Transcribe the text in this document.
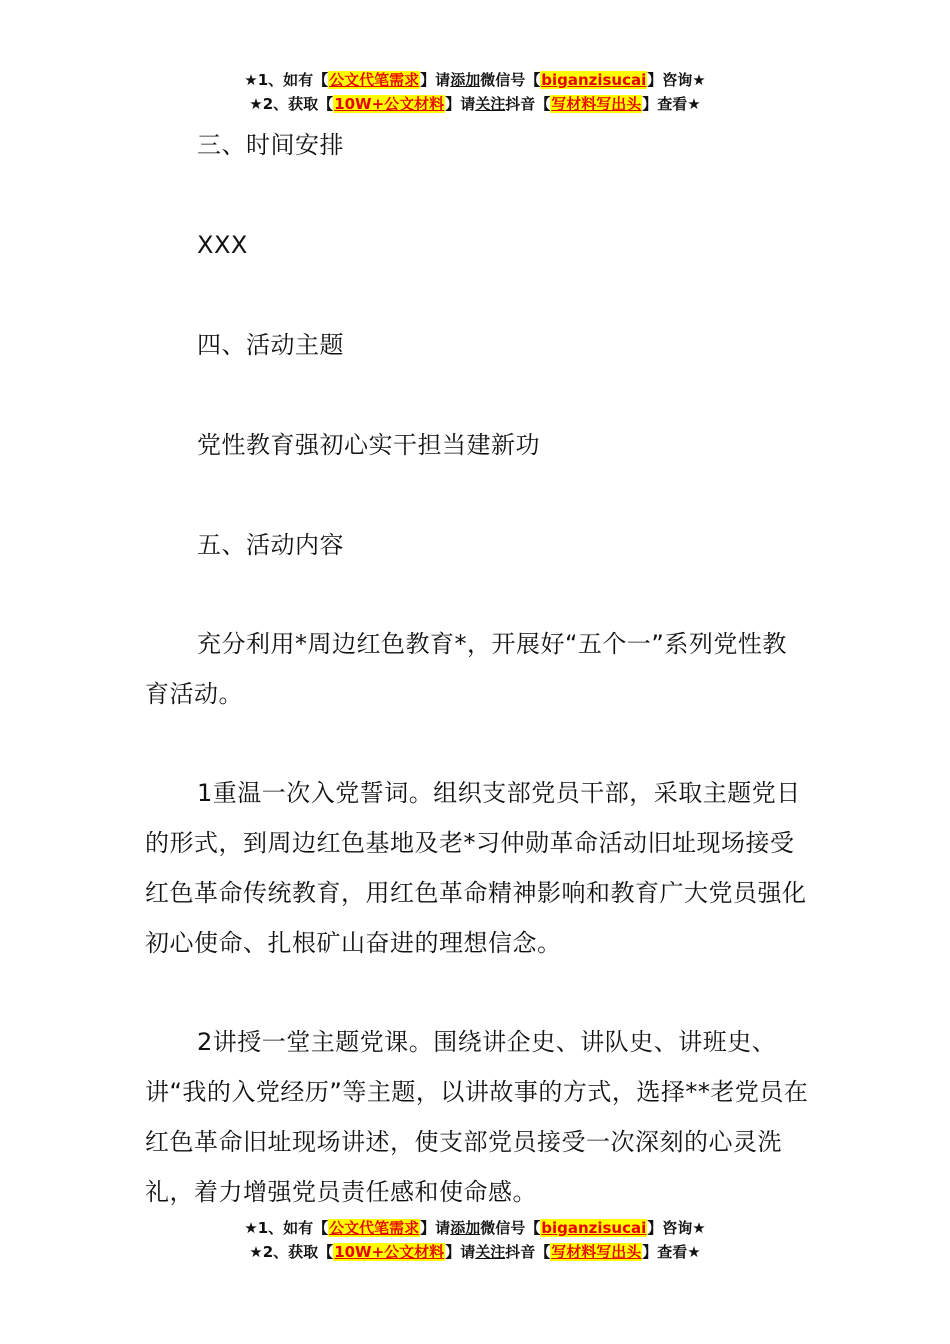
★1、如有【公文代笔需求】请添加微信号【biganzisucai】咨询★
★2、获取【10W+公文材料】请关注抖音【写材料写出头】查看★

三、时间安排

XXX

四、活动主题

党性教育强初心实干担当建新功

五、活动内容

充分利用*周边红色教育*，开展好“五个一”系列党性教育活动。

1重温一次入党誓词。组织支部党员干部，采取主题党日的形式，到周边红色基地及老*习仲勋革命活动旧址现场接受红色革命传统教育，用红色革命精神影响和教育广大党员强化初心使命、扎根矿山奋进的理想信念。

2讲授一堂主题党课。围绕讲企史、讲队史、讲班史、讲“我的入党经历”等主题，以讲故事的方式，选择**老党员在红色革命旧址现场讲述，使支部党员接受一次深刻的心灵洗礼，着力增强党员责任感和使命感。

★1、如有【公文代笔需求】请添加微信号【biganzisucai】咨询★
★2、获取【10W+公文材料】请关注抖音【写材料写出头】查看★
